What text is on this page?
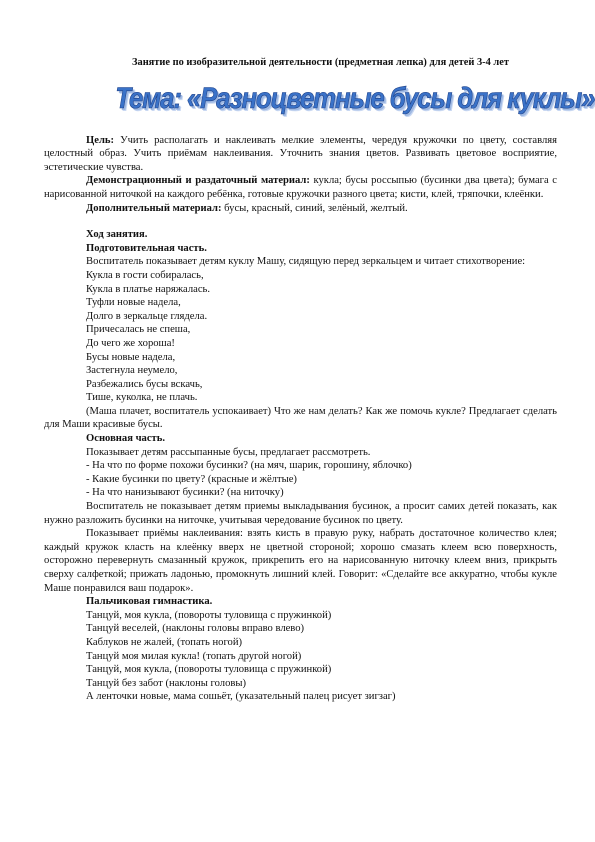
Занятие по изобразительной деятельности (предметная лепка) для детей 3-4 лет

Тема: «Разноцветные бусы для куклы»

Цель: Учить располагать и наклеивать мелкие элементы, чередуя кружочки по цвету, составляя целостный образ. Учить приёмам наклеивания. Уточнить знания цветов. Развивать цветовое восприятие, эстетические чувства.

Демонстрационный и раздаточный материал: кукла; бусы россыпью (бусинки два цвета); бумага с нарисованной ниточкой на каждого ребёнка, готовые кружочки разного цвета; кисти, клей, тряпочки, клеёнки.

Дополнительный материал: бусы, красный, синий, зелёный, желтый.

Ход занятия.

Подготовительная часть.

Воспитатель показывает детям куклу Машу, сидящую перед зеркальцем и читает стихотворение:

Кукла в гости собиралась,

Кукла в платье наряжалась.

Туфли новые надела,

Долго в зеркальце глядела.

Причесалась не спеша,

До чего же хороша!

Бусы новые надела,

Застегнула неумело,

Разбежались бусы вскачь,

Тише, куколка, не плачь.

(Маша плачет, воспитатель успокаивает) Что же нам делать? Как же помочь кукле? Предлагает сделать для Маши красивые бусы.

Основная часть.

Показывает детям рассыпанные бусы, предлагает рассмотреть.

- На что по форме похожи бусинки? (на мяч, шарик, горошину, яблочко)

- Какие бусинки по цвету? (красные и жёлтые)

- На что нанизывают бусинки? (на ниточку)

Воспитатель не показывает детям приемы выкладывания бусинок, а просит самих детей показать, как нужно разложить бусинки на ниточке, учитывая чередование бусинок по цвету.

Показывает приёмы наклеивания: взять кисть в правую руку, набрать достаточное количество клея; каждый кружок класть на клеёнку вверх не цветной стороной; хорошо смазать клеем всю поверхность, осторожно перевернуть смазанный кружок, прикрепить его на нарисованную ниточку клеем вниз, прикрыть сверху салфеткой; прижать ладонью, промокнуть лишний клей. Говорит: «Сделайте все аккуратно, чтобы кукле Маше понравился ваш подарок».

Пальчиковая гимнастика.

Танцуй, моя кукла, (повороты туловища с пружинкой)

Танцуй веселей, (наклоны головы вправо влево)

Каблуков не жалей, (топать ногой)

Танцуй моя милая кукла! (топать другой ногой)

Танцуй, моя кукла, (повороты туловища с пружинкой)

Танцуй без забот (наклоны головы)

А ленточки новые, мама сошьёт, (указательный палец рисует зигзаг)
